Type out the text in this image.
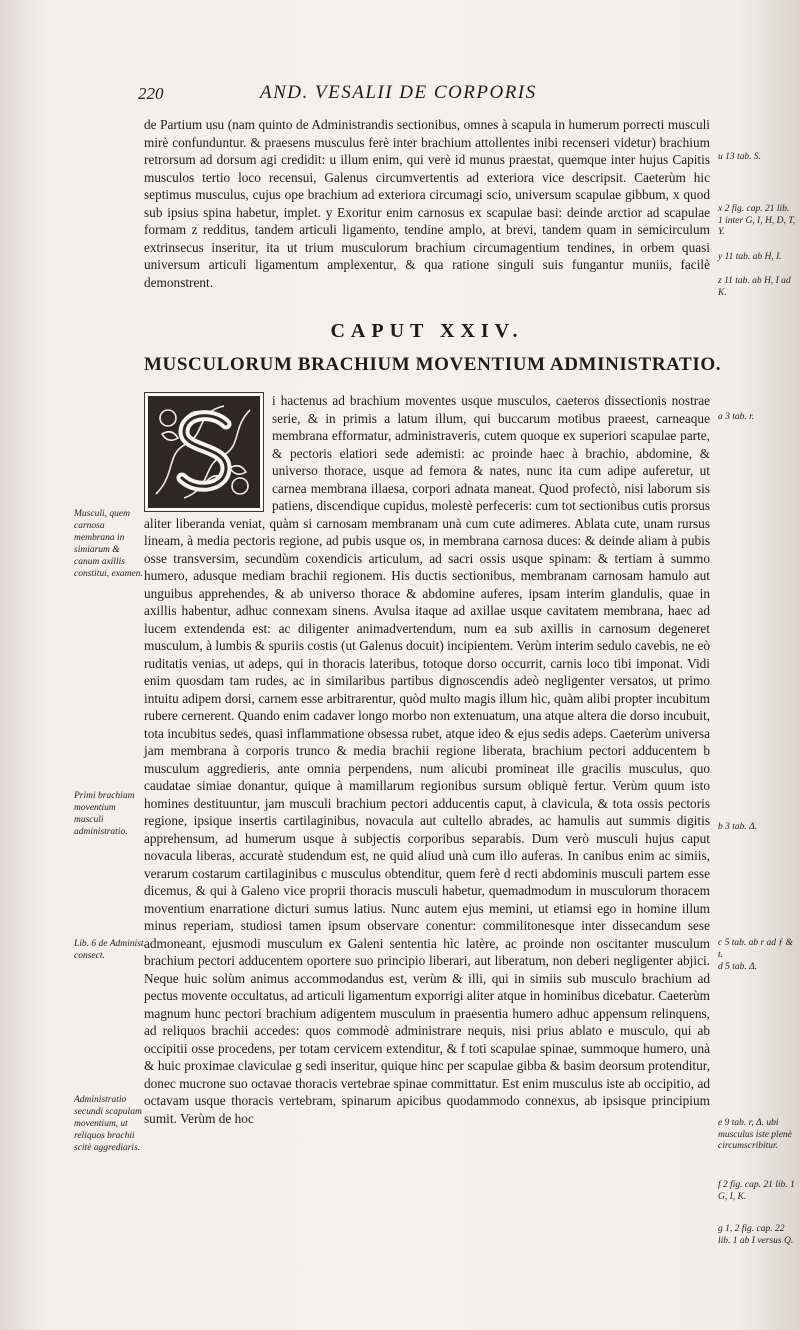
220	AND. VESALII DE CORPORIS

de Partium usu (nam quinto de Administrandis sectionibus, omnes à scapula in humerum porrecti musculi mirè confunduntur. & praesens musculus ferè inter brachium attollentes inibi recenseri videtur) brachium retrorsum ad dorsum agi credidit: u illum enim, qui verè id munus praestat, quemque inter hujus Capitis musculos tertio loco recensui, Galenus circumvertentis ad exteriora vice descripsit. Caeterùm hic septimus musculus, cujus ope brachium ad exteriora circumagi scio, universum scapulae gibbum, x quod sub ipsius spina habetur, implet. y Exoritur enim carnosus ex scapulae basi: deinde arctior ad scapulae formam z redditus, tandem articuli ligamento, tendine amplo, at brevi, tandem quam in semicirculum extrinsecus inseritur, ita ut trium musculorum brachium circumagentium tendines, in orbem quasi universum articuli ligamentum amplexentur, & qua ratione singuli suis fungantur muniis, facilè demonstrent.

u 13 tab. S.

x 2 fig. cap. 21 lib. 1 inter G, I, H, D, T, Y.

y 11 tab. ab H, I.

z 11 tab. ab H, I ad K.

CAPUT XXIV.
MUSCULORUM BRACHIUM MOVENTIUM ADMINISTRATIO.

i hactenus ad brachium moventes usque musculos, caeteros dissectionis nostrae serie, & in primis a latum illum, qui buccarum motibus praeest, carneaque membrana efformatur, administraveris, cutem quoque ex superiori scapulae parte, & pectoris elatiori sede ademisti: ac proinde haec à brachio, abdomine, & universo thorace, usque ad femora & nates, nunc ita cum adipe auferetur, ut carnea membrana illaesa, corpori adnata maneat. Quod profectò, nisi laborum sis patiens, discendique cupidus, molestè perfeceris: cum tot sectionibus cutis prorsus aliter liberanda veniat, quàm si carnosam membranam unà cum cute adimeres. Ablata cute, unam rursus lineam, à media pectoris regione, ad pubis usque os, in membrana carnosa duces: & deinde aliam à pubis osse transversim, secundùm coxendicis articulum, ad sacri ossis usque spinam: & tertiam à summo humero, adusque mediam brachii regionem. His ductis sectionibus, membranam carnosam hamulo aut unguibus apprehendes, & ab universo thorace & abdomine auferes, ipsam interim glandulis, quae in axillis habentur, adhuc connexam sinens. Avulsa itaque ad axillae usque cavitatem membrana, haec ad lucem extendenda est: ac diligenter animadvertendum, num ea sub axillis in carnosum degeneret musculum, à lumbis & spuriis costis (ut Galenus docuit) incipientem. Verùm interim sedulo cavebis, ne eò ruditatis venias, ut adeps, qui in thoracis lateribus, totoque dorso occurrit, carnis loco tibi imponat. Vidi enim quosdam tam rudes, ac in similaribus partibus dignoscendis adeò negligenter versatos, ut primo intuitu adipem dorsi, carnem esse arbitrarentur, quòd multo magis illum hìc, quàm alibi propter incubitum rubere cernerent. Quando enim cadaver longo morbo non extenuatum, una atque altera die dorso incubuit, tota incubitus sedes, quasi inflammatione obsessa rubet, atque ideo & ejus sedis adeps. Caeterùm universa jam membrana à corporis trunco & media brachii regione liberata, brachium pectori adducentem b musculum aggredieris, ante omnia perpendens, num alicubi promineat ille gracilis musculus, quo caudatae simiae donantur, quique à mamillarum regionibus sursum obliquè fertur. Verùm quum isto homines destituuntur, jam musculi brachium pectori adducentis caput, à clavicula, & tota ossis pectoris regione, ipsique insertis cartilaginibus, novacula aut cultello abrades, ac hamulis aut summis digitis apprehensum, ad humerum usque à subjectis corporibus separabis. Dum verò musculi hujus caput novacula liberas, accuratè studendum est, ne quid aliud unà cum illo auferas. In canibus enim ac simiis, verarum costarum cartilaginibus c musculus obtenditur, quem ferè d recti abdominis musculi partem esse dicemus, & qui à Galeno vice proprii thoracis musculi habetur, quemadmodum in musculorum thoracem moventium enarratione dicturi sumus latius. Nunc autem ejus memini, ut etiamsi ego in homine illum minus reperiam, studiosi tamen ipsum observare conentur: commilitonesque inter dissecandum sese admoneant, ejusmodi musculum ex Galeni sententia hìc latère, ac proinde non oscitanter musculum brachium pectori adducentem oportere suo principio liberari, aut liberatum, non deberi negligenter abjici. Neque huic solùm animus accommodandus est, verùm & illi, qui in simiis sub musculo brachium ad pectus movente occultatus, ad articuli ligamentum exporrigi aliter atque in hominibus dicebatur. Caeterùm magnum hunc pectori brachium adigentem musculum in praesentia humero adhuc appensum relinquens, ad reliquos brachii accedes: quos commodè administrare nequis, nisi prius ablato e musculo, qui ab occipitii osse procedens, per totam cervicem extenditur, & f toti scapulae spinae, summoque humero, unà & huic proximae claviculae g sedi inseritur, quique hinc per scapulae gibba & basim deorsum protenditur, donec mucrone suo octavae thoracis vertebrae spinae committatur. Est enim musculus iste ab occipitio, ad octavam usque thoracis vertebram, spinarum apicibus quodammodo connexus, ab ipsisque principium sumit. Verùm de hoc

Musculi, quem carnosa membrana in simiarum & canum axillis constitui, examen.

Primi brachium moventium musculi administratio.

Lib. 6 de Administ. consect.

Administratio secundi scapulam moventium, ut reliquos brachii scitè aggrediaris.

a 3 tab. r.

b 3 tab. Δ.

c 5 tab. ab r ad ƒ & t.

d 5 tab. Δ.

e 9 tab. r, Δ. ubi musculus iste plenè circumscribitur.

f 2 fig. cap. 21 lib. 1 G, I, K.

g 1, 2 fig. cap. 22 lib. 1 ab I versus Q.
